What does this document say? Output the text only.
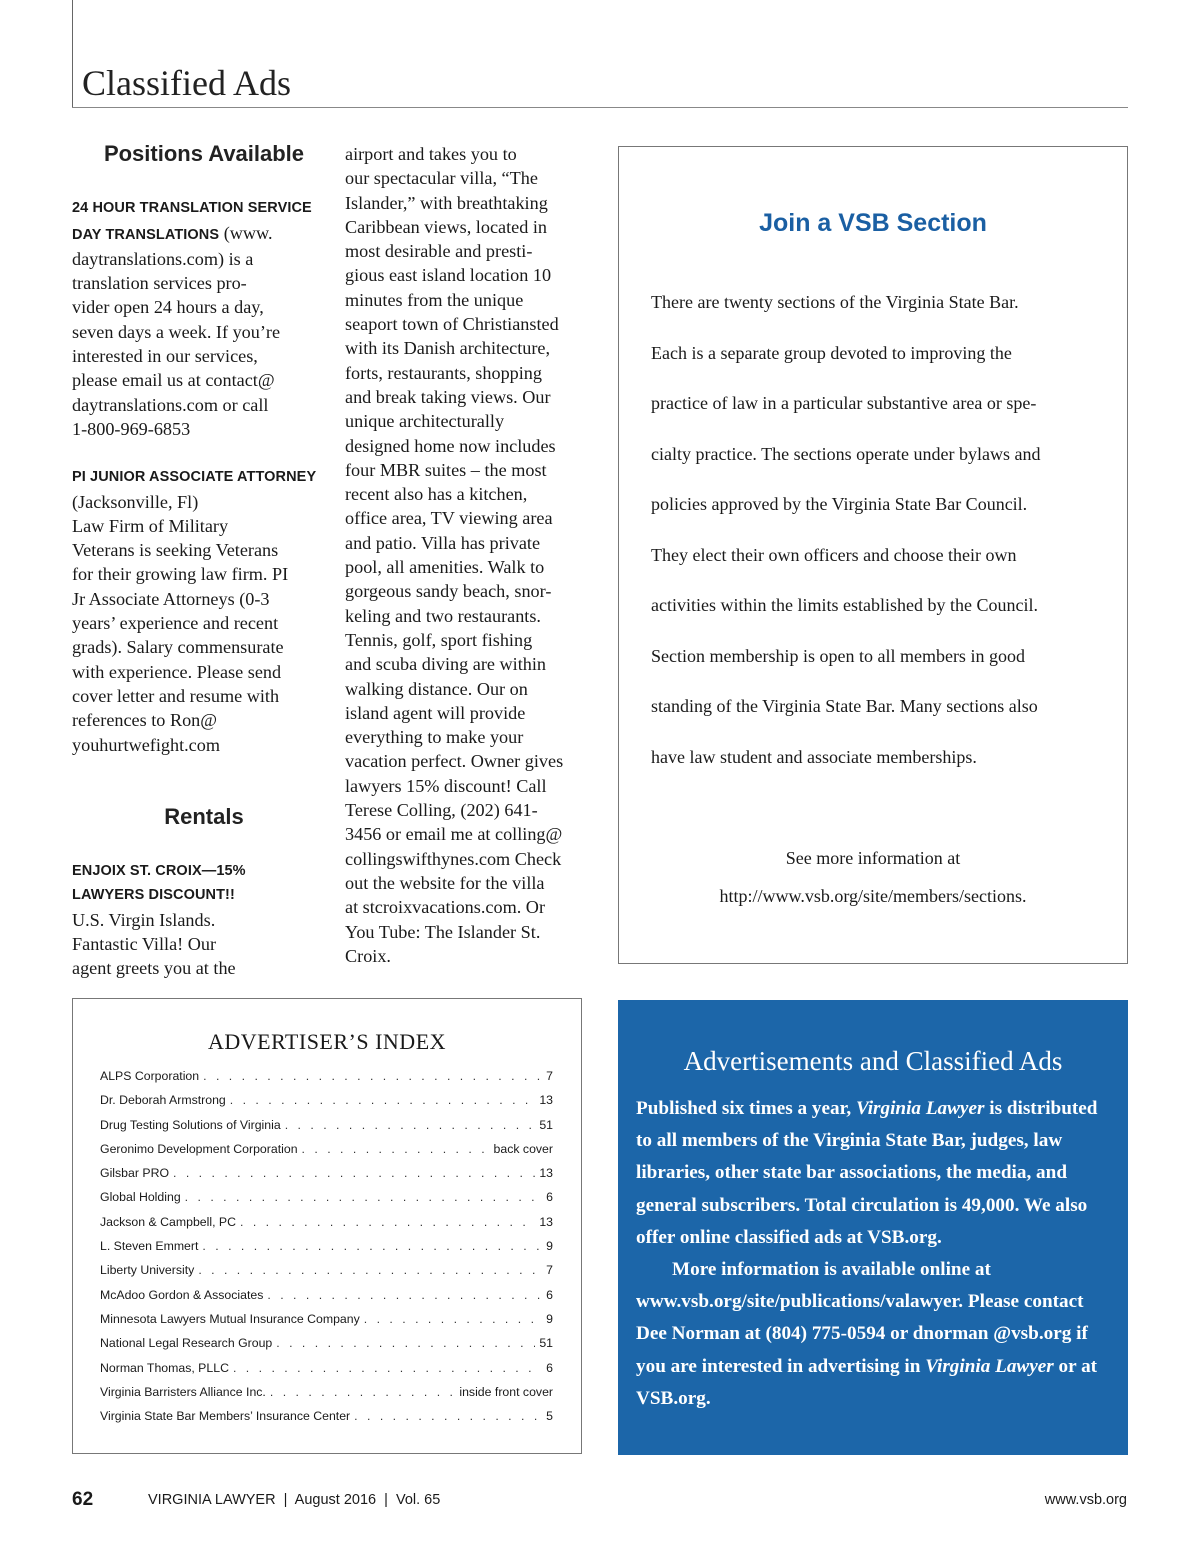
Classified Ads
Positions Available
24 HOUR TRANSLATION SERVICE
DAY TRANSLATIONS (www.
daytranslations.com) is a
translation services pro-
vider open 24 hours a day,
seven days a week. If you’re
interested in our services,
please email us at contact@
daytranslations.com or call
1-800-969-6853
PI JUNIOR ASSOCIATE ATTORNEY
(Jacksonville, Fl)
Law Firm of Military
Veterans is seeking Veterans
for their growing law firm. PI
Jr Associate Attorneys (0-3
years’ experience and recent
grads). Salary commensurate
with experience. Please send
cover letter and resume with
references to Ron@
youhurtwefight.com
Rentals
ENJOIX ST. CROIX—15%
LAWYERS DISCOUNT!!
U.S. Virgin Islands.
Fantastic Villa! Our
agent greets you at the
airport and takes you to
our spectacular villa, “The
Islander,” with breathtaking
Caribbean views, located in
most desirable and presti-
gious east island location 10
minutes from the unique
seaport town of Christiansted
with its Danish architecture,
forts, restaurants, shopping
and break taking views. Our
unique architecturally
designed home now includes
four MBR suites – the most
recent also has a kitchen,
office area, TV viewing area
and patio. Villa has private
pool, all amenities. Walk to
gorgeous sandy beach, snor-
keling and two restaurants.
Tennis, golf, sport fishing
and scuba diving are within
walking distance. Our on
island agent will provide
everything to make your
vacation perfect. Owner gives
lawyers 15% discount! Call
Terese Colling, (202) 641-
3456 or email me at colling@
collingswifthynes.com Check
out the website for the villa
at stcroixvacations.com. Or
You Tube: The Islander St.
Croix.
Join a VSB Section
There are twenty sections of the Virginia State Bar.
Each is a separate group devoted to improving the
practice of law in a particular substantive area or spe-
cialty practice. The sections operate under bylaws and
policies approved by the Virginia State Bar Council.
They elect their own officers and choose their own
activities within the limits established by the Council.
Section membership is open to all members in good
standing of the Virginia State Bar. Many sections also
have law student and associate memberships.
See more information at
http://www.vsb.org/site/members/sections.
ADVERTISER’S INDEX
ALPS Corporation . . .	7
Dr. Deborah Armstrong . . .	13
Drug Testing Solutions of Virginia . . .	51
Geronimo Development Corporation . . .	back cover
Gilsbar PRO . . .	13
Global Holding . . .	6
Jackson & Campbell, PC . . .	13
L. Steven Emmert . . .	9
Liberty University . . .	7
McAdoo Gordon & Associates . . .	6
Minnesota Lawyers Mutual Insurance Company . . .	9
National Legal Research Group . . .	51
Norman Thomas, PLLC . . .	6
Virginia Barristers Alliance Inc. . . .	inside front cover
Virginia State Bar Members’ Insurance Center . . .	5
Advertisements and Classified Ads

Published six times a year, Virginia Lawyer is distributed to all members of the Virginia State Bar, judges, law libraries, other state bar associations, the media, and general subscribers. Total circulation is 49,000. We also offer online classified ads at VSB.org.

More information is available online at www.vsb.org/site/publications/valawyer. Please contact Dee Norman at (804) 775-0594 or dnorman @vsb.org if you are interested in advertising in Virginia Lawyer or at VSB.org.

62	VIRGINIA LAWYER  |  August 2016  |  Vol. 65	www.vsb.org
